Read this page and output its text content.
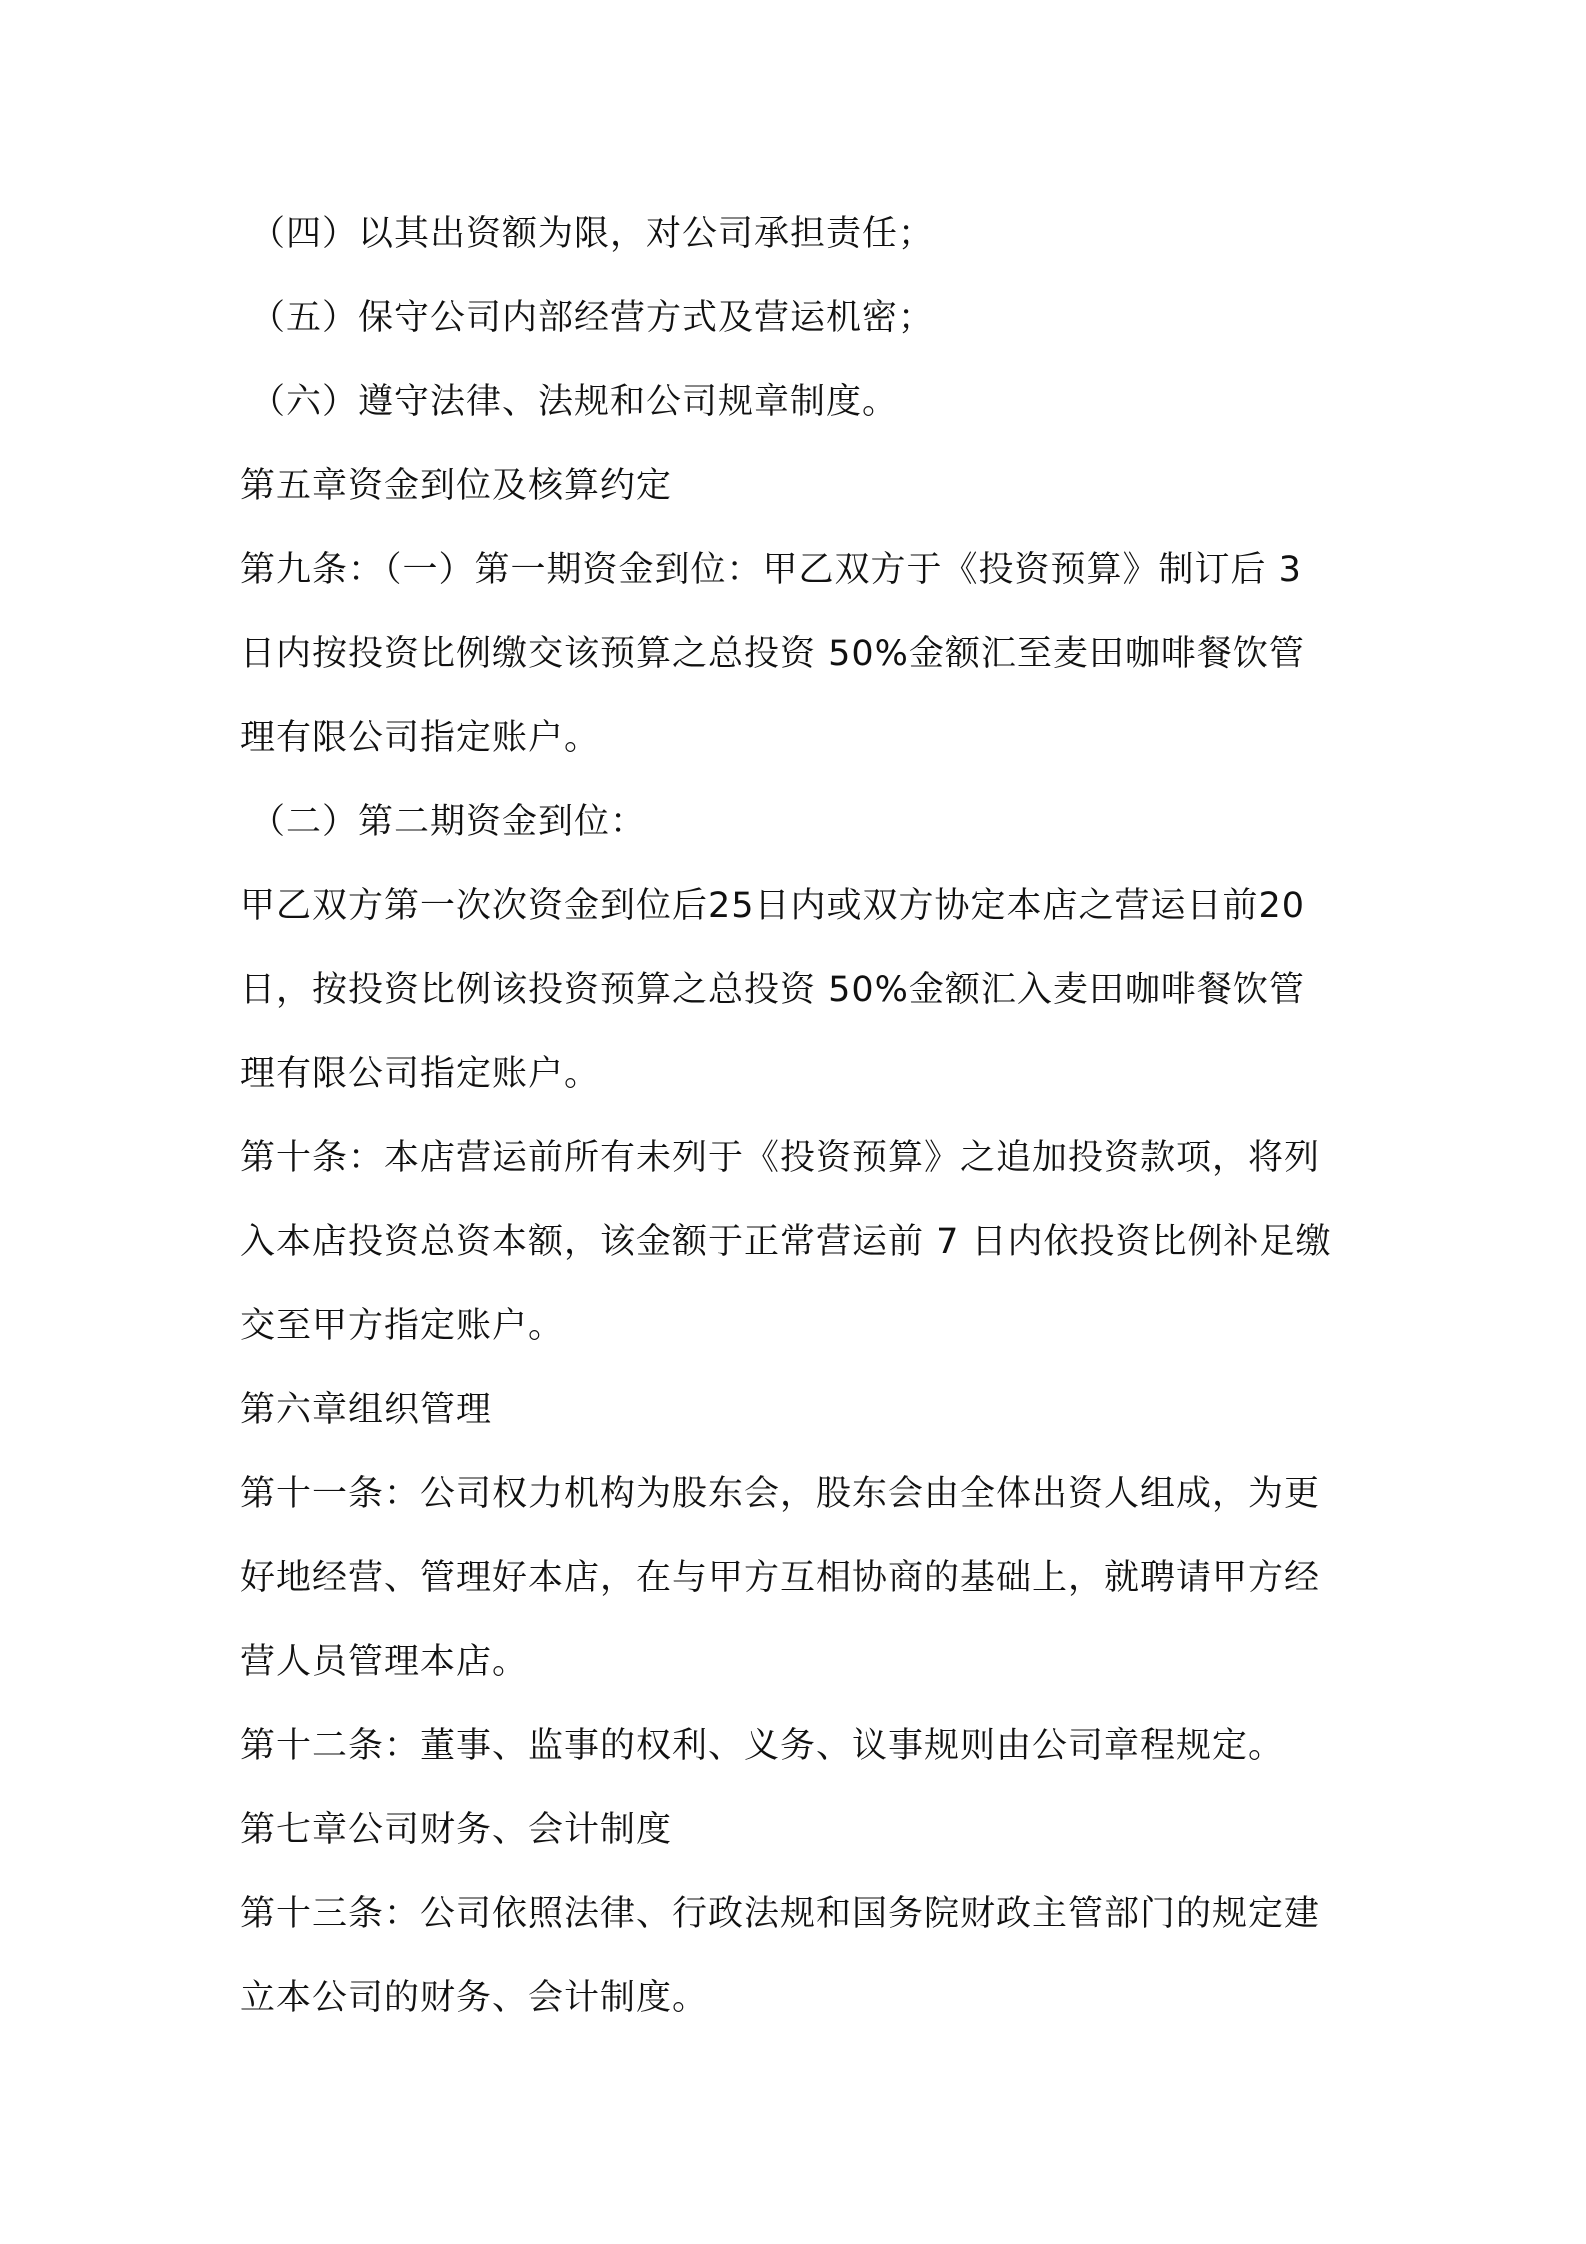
（四）以其出资额为限，对公司承担责任；
（五）保守公司内部经营方式及营运机密；
（六）遵守法律、法规和公司规章制度。
第五章资金到位及核算约定
第九条：（一）第一期资金到位：甲乙双方于《投资预算》制订后 3
日内按投资比例缴交该预算之总投资 50%金额汇至麦田咖啡餐饮管
理有限公司指定账户。
（二）第二期资金到位：
甲乙双方第一次次资金到位后25日内或双方协定本店之营运日前20
日，按投资比例该投资预算之总投资 50%金额汇入麦田咖啡餐饮管
理有限公司指定账户。
第十条：本店营运前所有未列于《投资预算》之追加投资款项，将列
入本店投资总资本额，该金额于正常营运前 7 日内依投资比例补足缴
交至甲方指定账户。
第六章组织管理
第十一条：公司权力机构为股东会，股东会由全体出资人组成，为更
好地经营、管理好本店，在与甲方互相协商的基础上，就聘请甲方经
营人员管理本店。
第十二条：董事、监事的权利、义务、议事规则由公司章程规定。
第七章公司财务、会计制度
第十三条：公司依照法律、行政法规和国务院财政主管部门的规定建
立本公司的财务、会计制度。
